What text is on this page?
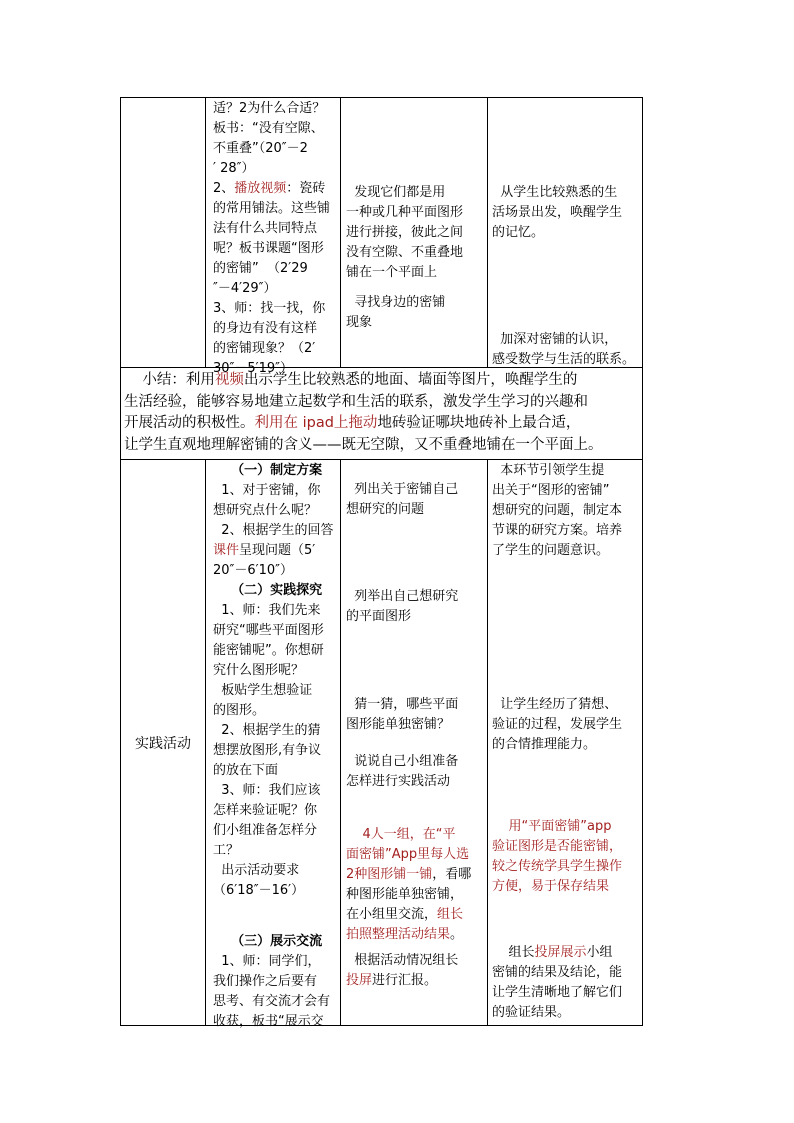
适？2为什么合适？
板书：“没有空隙、
不重叠”（20″－2
′ 28″）
2、播放视频：瓷砖
的常用铺法。这些铺
法有什么共同特点
呢？板书课题“图形
的密铺”  （2′29
″－4′29″）
3、师：找一找，你
的身边有没有这样
的密铺现象？（2′
30″－5′19″）
发现它们都是用
一种或几种平面图形
进行拼接，彼此之间
没有空隙、不重叠地
铺在一个平面上
寻找身边的密铺
现象
从学生比较熟悉的生
活场景出发，唤醒学生
的记忆。
加深对密铺的认识，
感受数学与生活的联系。
小结：利用视频出示学生比较熟悉的地面、墙面等图片，唤醒学生的
生活经验，能够容易地建立起数学和生活的联系，激发学生学习的兴趣和
开展活动的积极性。利用在 ipad上拖动地砖验证哪块地砖补上最合适，
让学生直观地理解密铺的含义——既无空隙，又不重叠地铺在一个平面上。
实践活动
（一）制定方案
1、对于密铺，你
想研究点什么呢？
2、根据学生的回答
课件呈现问题（5′
20″－6′10″）
（二）实践探究
1、师：我们先来
研究“哪些平面图形
能密铺呢”。你想研
究什么图形呢？
板贴学生想验证
的图形。
2、根据学生的猜
想摆放图形,有争议
的放在下面
3、师：我们应该
怎样来验证呢？你
们小组准备怎样分
工？
出示活动要求
（6′18″－16′）
（三）展示交流
1、师：同学们，
我们操作之后要有
思考、有交流才会有
收获，板书“展示交
列出关于密铺自己
想研究的问题
列举出自己想研究
的平面图形
猜一猜，哪些平面
图形能单独密铺？
说说自己小组准备
怎样进行实践活动
4人一组，在“平
面密铺”App里每人选
2种图形铺一铺，看哪
种图形能单独密铺，
在小组里交流，组长
拍照整理活动结果。
根据活动情况组长
投屏进行汇报。
本环节引领学生提
出关于“图形的密铺”
想研究的问题，制定本
节课的研究方案。培养
了学生的问题意识。
让学生经历了猜想、
验证的过程，发展学生
的合情推理能力。
用“平面密铺”app
验证图形是否能密铺，
较之传统学具学生操作
方便，易于保存结果
组长投屏展示小组
密铺的结果及结论，能
让学生清晰地了解它们
的验证结果。
